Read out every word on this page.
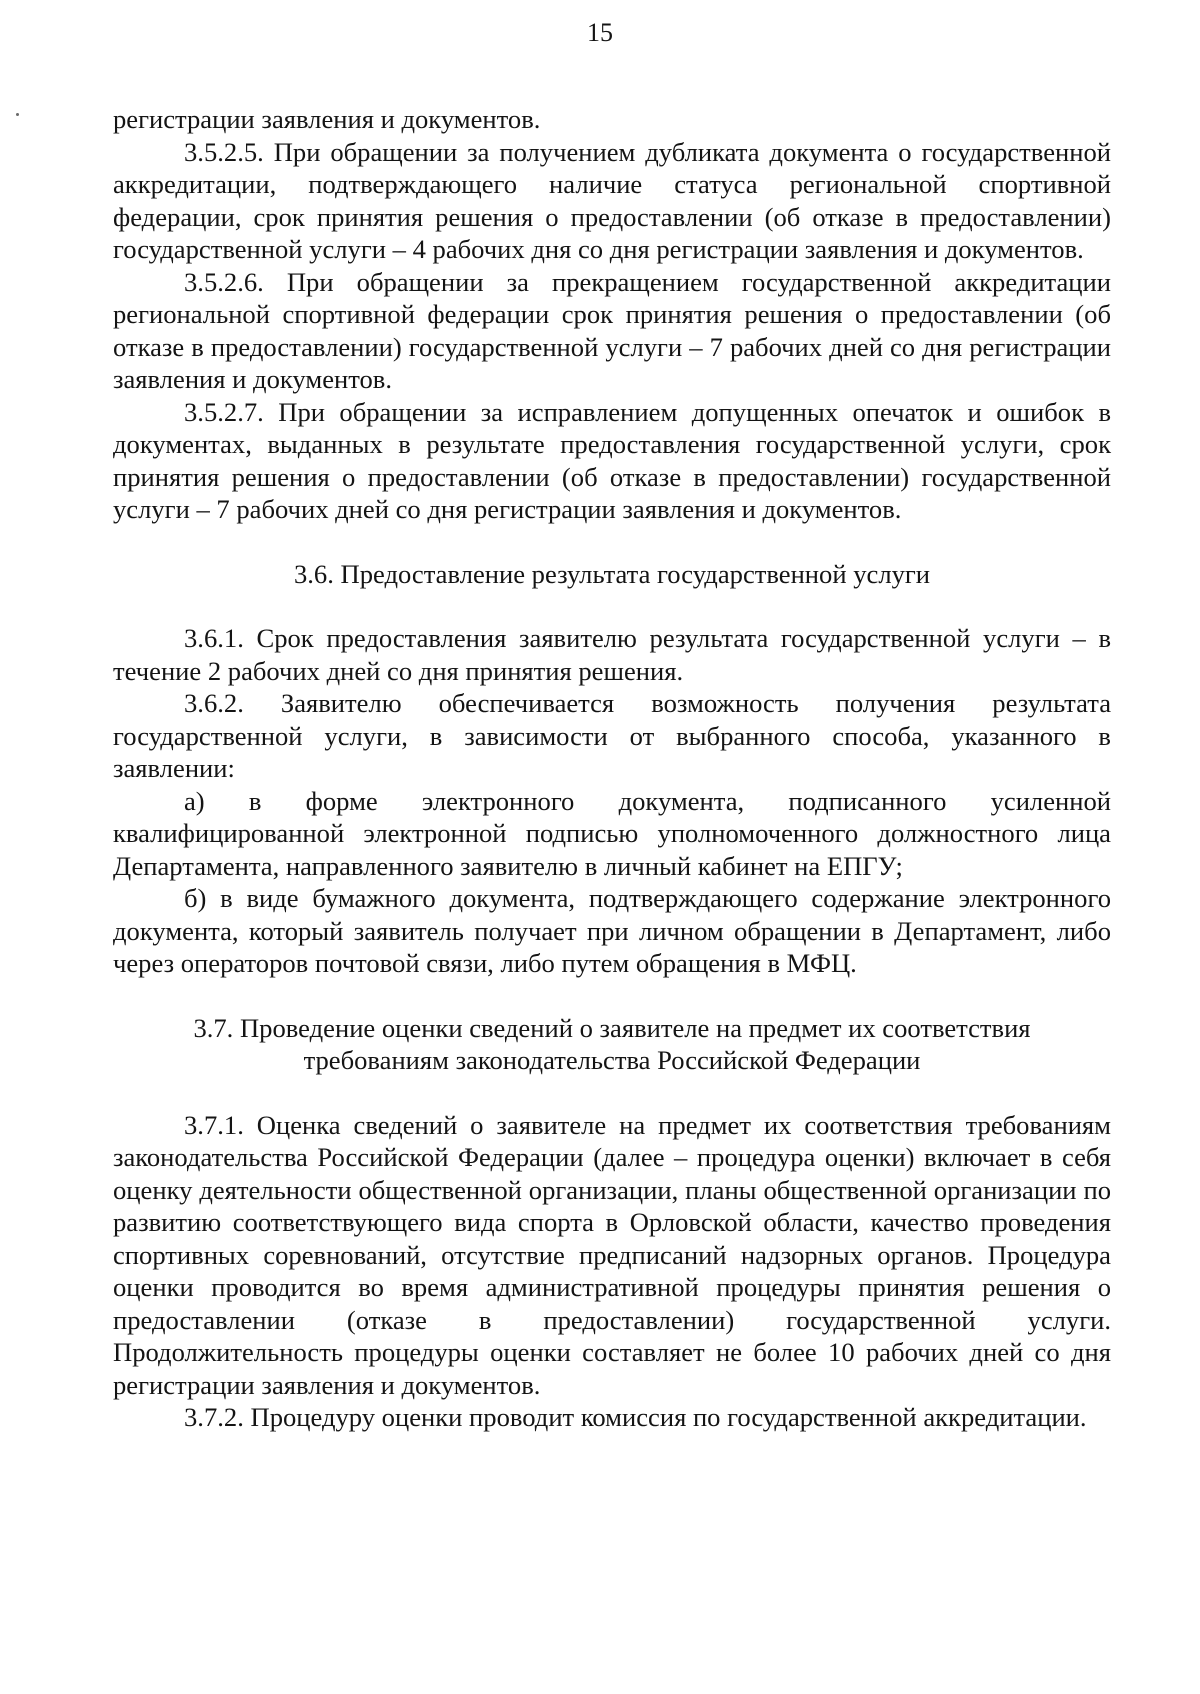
15

регистрации заявления и документов.

3.5.2.5. При обращении за получением дубликата документа о государственной аккредитации, подтверждающего наличие статуса региональной спортивной федерации, срок принятия решения о предоставлении (об отказе в предоставлении) государственной услуги – 4 рабочих дня со дня регистрации заявления и документов.

3.5.2.6. При обращении за прекращением государственной аккредитации региональной спортивной федерации срок принятия решения о предоставлении (об отказе в предоставлении) государственной услуги – 7 рабочих дней со дня регистрации заявления и документов.

3.5.2.7. При обращении за исправлением допущенных опечаток и ошибок в документах, выданных в результате предоставления государственной услуги, срок принятия решения о предоставлении (об отказе в предоставлении) государственной услуги – 7 рабочих дней со дня регистрации заявления и документов.

3.6. Предоставление результата государственной услуги

3.6.1. Срок предоставления заявителю результата государственной услуги – в течение 2 рабочих дней со дня принятия решения.

3.6.2. Заявителю обеспечивается возможность получения результата государственной услуги, в зависимости от выбранного способа, указанного в заявлении:

а) в форме электронного документа, подписанного усиленной квалифицированной электронной подписью уполномоченного должностного лица Департамента, направленного заявителю в личный кабинет на ЕПГУ;

б) в виде бумажного документа, подтверждающего содержание электронного документа, который заявитель получает при личном обращении в Департамент, либо через операторов почтовой связи, либо путем обращения в МФЦ.

3.7. Проведение оценки сведений о заявителе на предмет их соответствия
требованиям законодательства Российской Федерации

3.7.1. Оценка сведений о заявителе на предмет их соответствия требованиям законодательства Российской Федерации (далее – процедура оценки) включает в себя оценку деятельности общественной организации, планы общественной организации по развитию соответствующего вида спорта в Орловской области, качество проведения спортивных соревнований, отсутствие предписаний надзорных органов. Процедура оценки проводится во время административной процедуры принятия решения о предоставлении (отказе в предоставлении) государственной услуги. Продолжительность процедуры оценки составляет не более 10 рабочих дней со дня регистрации заявления и документов.

3.7.2. Процедуру оценки проводит комиссия по государственной аккредитации.
